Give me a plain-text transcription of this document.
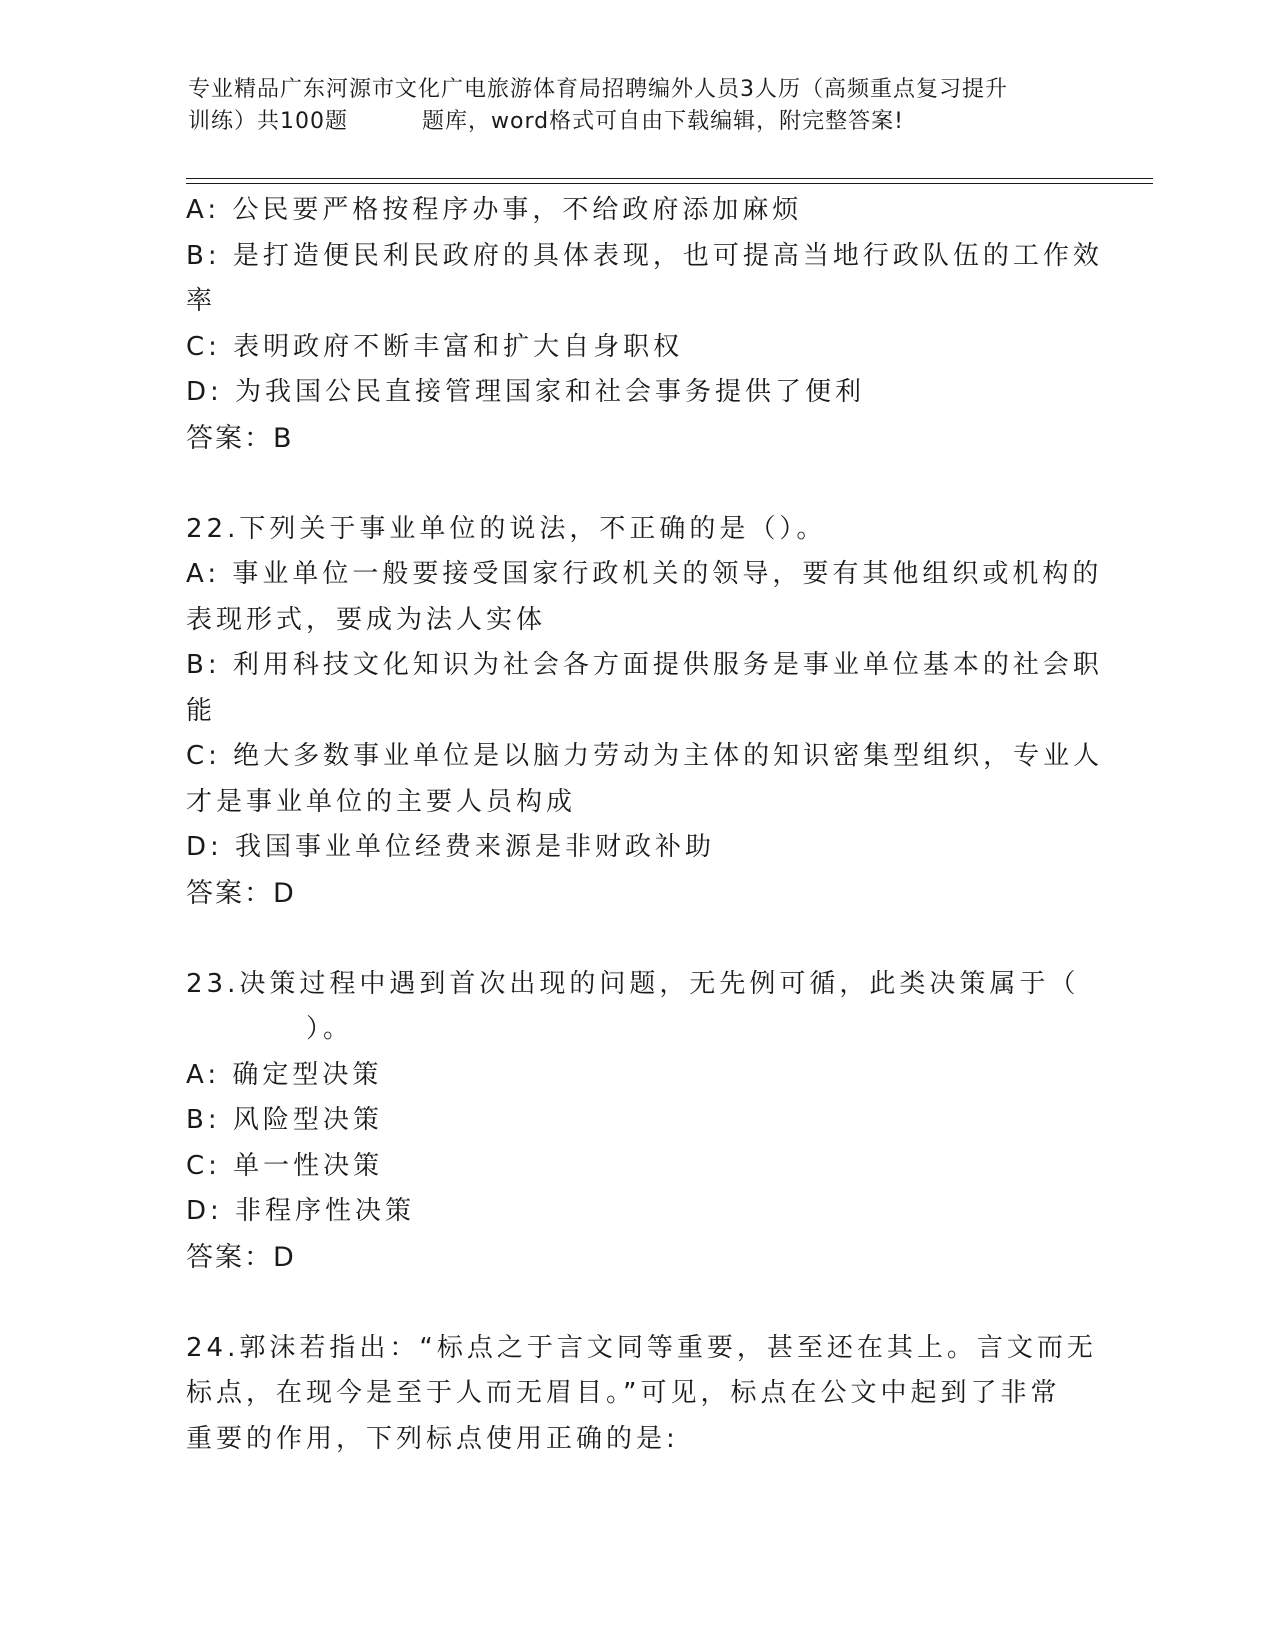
专业精品广东河源市文化广电旅游体育局招聘编外人员3人历（高频重点复习提升
训练）共100题	题库，word格式可自由下载编辑，附完整答案!
A: 公民要严格按程序办事，不给政府添加麻烦
B: 是打造便民利民政府的具体表现，也可提高当地行政队伍的工作效
率
C: 表明政府不断丰富和扩大自身职权
D: 为我国公民直接管理国家和社会事务提供了便利
答案：B
22.下列关于事业单位的说法，不正确的是（）。
A: 事业单位一般要接受国家行政机关的领导，要有其他组织或机构的
表现形式，要成为法人实体
B: 利用科技文化知识为社会各方面提供服务是事业单位基本的社会职
能
C: 绝大多数事业单位是以脑力劳动为主体的知识密集型组织，专业人
才是事业单位的主要人员构成
D: 我国事业单位经费来源是非财政补助
答案：D
23.决策过程中遇到首次出现的问题，无先例可循，此类决策属于（
）。
A: 确定型决策
B: 风险型决策
C: 单一性决策
D: 非程序性决策
答案：D
24.郭沫若指出：“标点之于言文同等重要，甚至还在其上。言文而无
标点，在现今是至于人而无眉目。”可见，标点在公文中起到了非常
重要的作用，下列标点使用正确的是:
